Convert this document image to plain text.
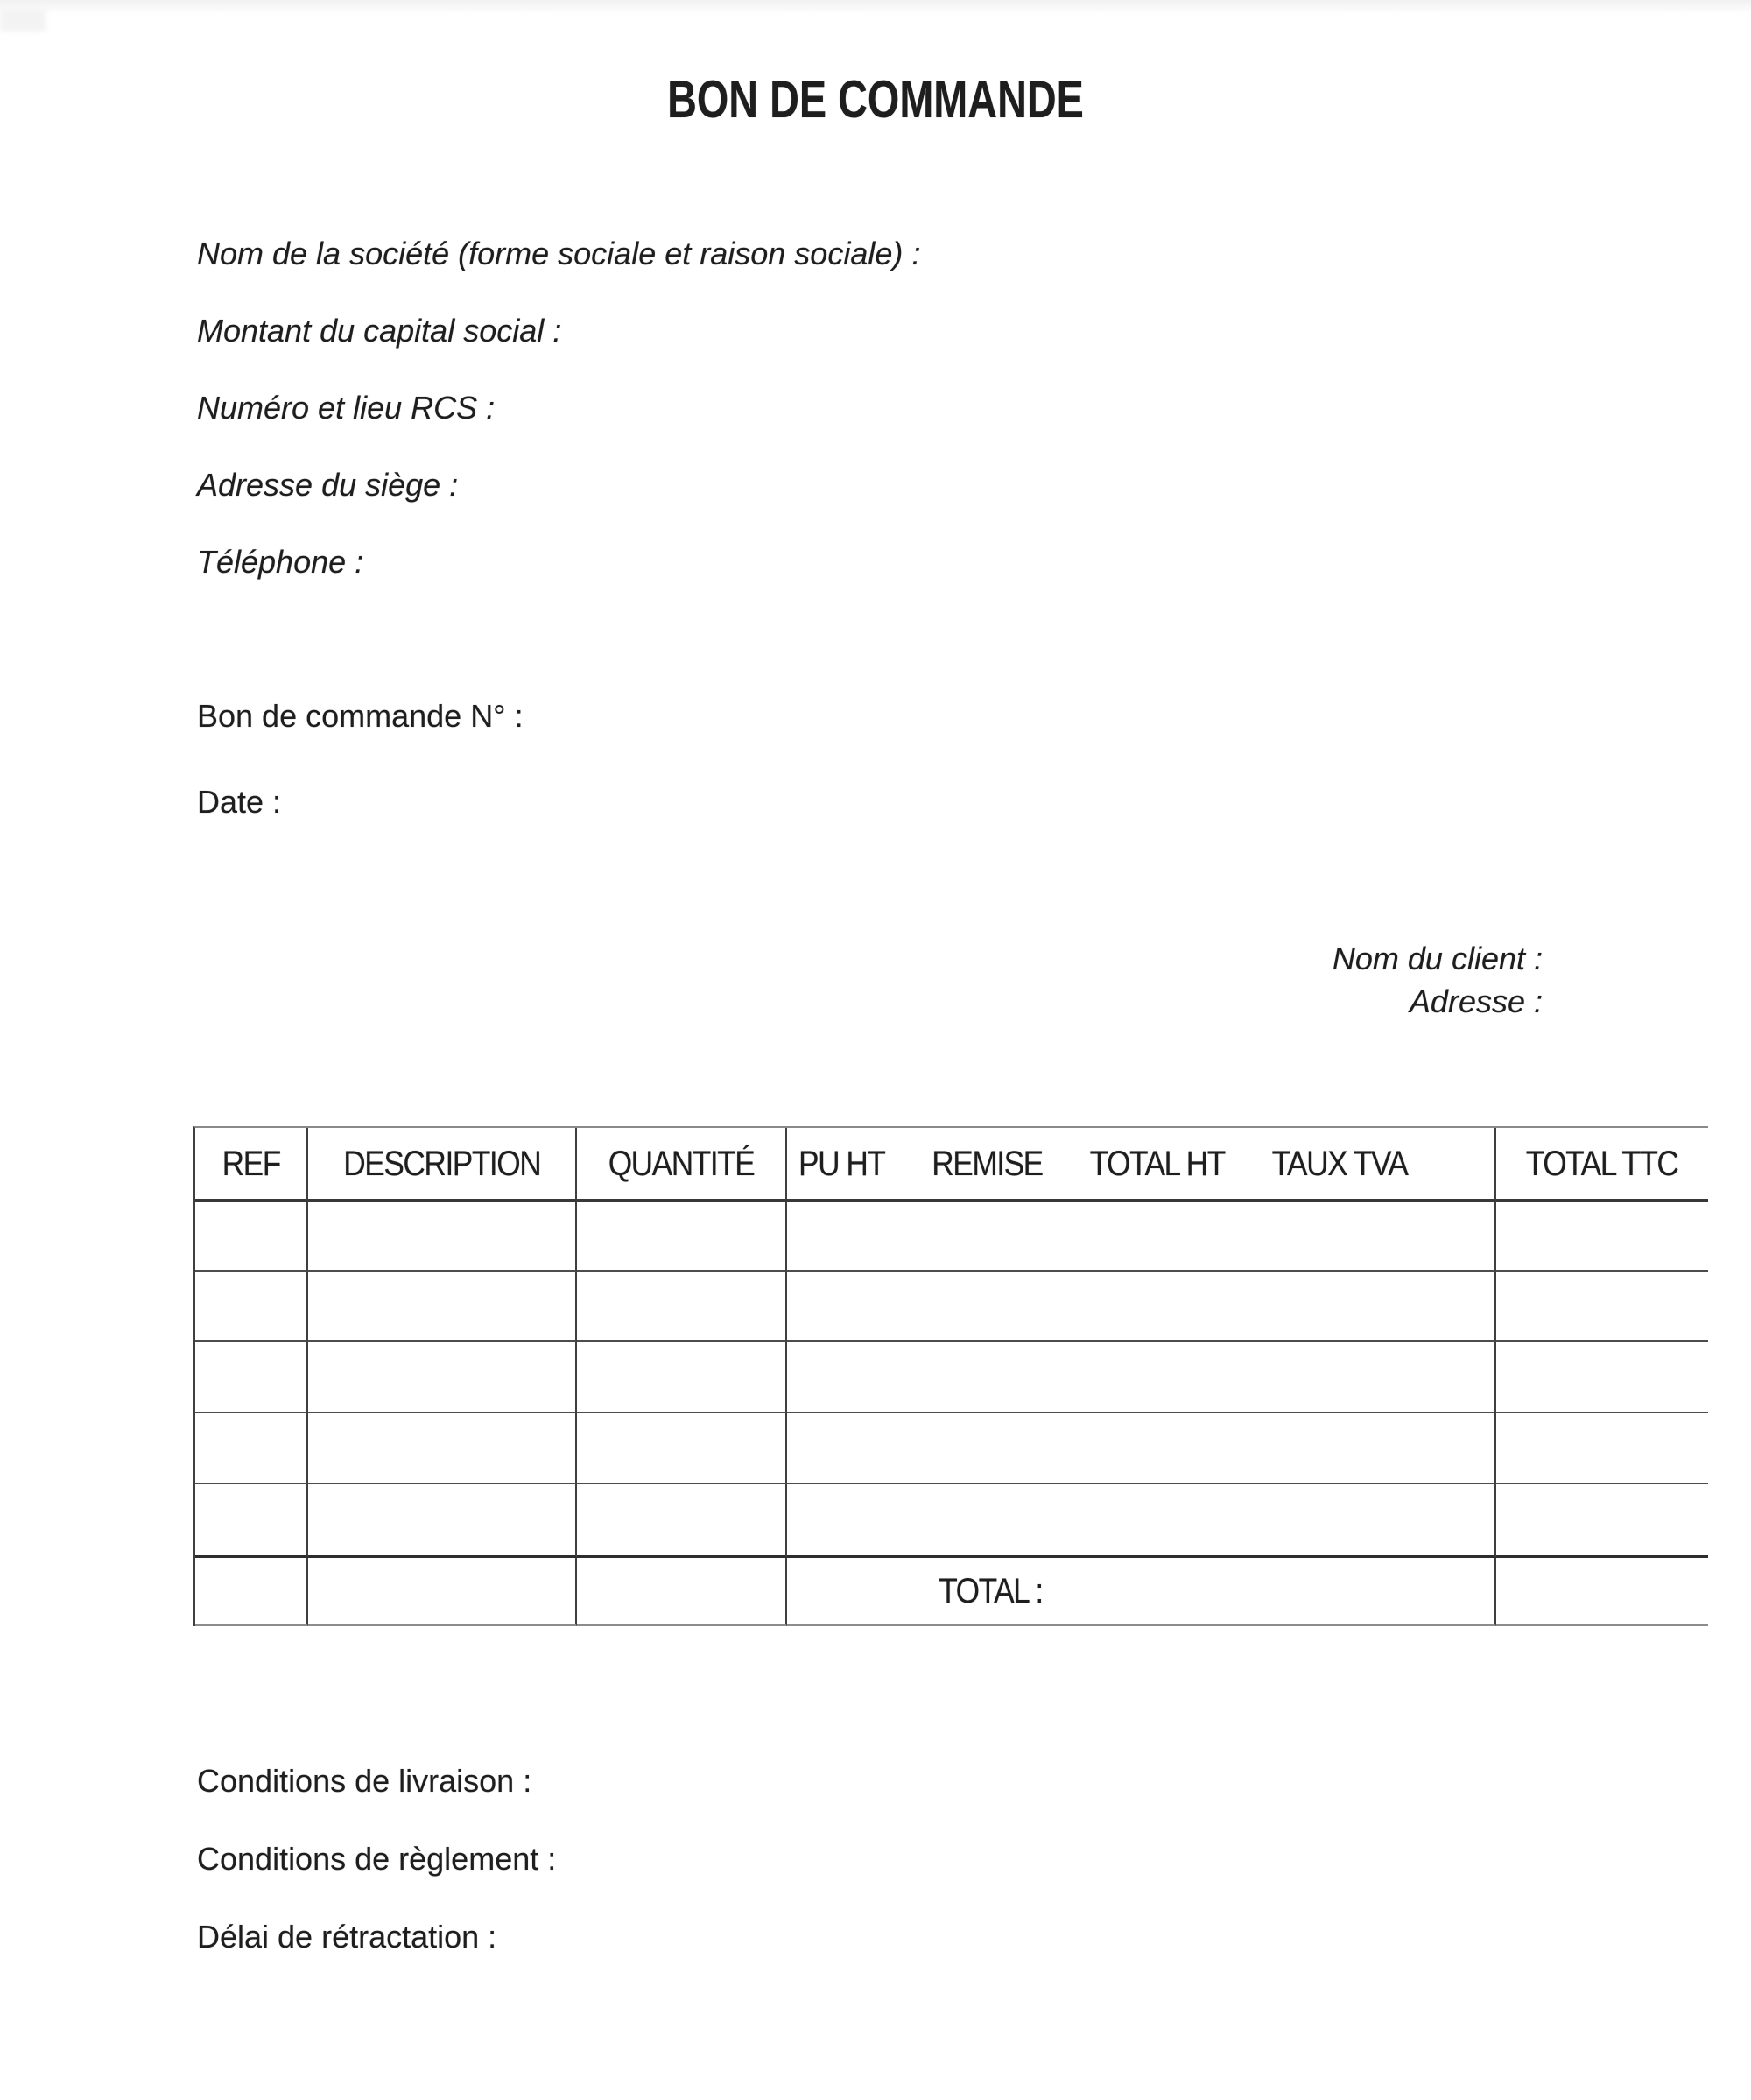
BON DE COMMANDE

Nom de la société (forme sociale et raison sociale) :

Montant du capital social :

Numéro et lieu RCS :

Adresse du siège :

Téléphone :

Bon de commande N° :

Date :

Nom du client :

Adresse :

REF DESCRIPTION QUANTITÉ PU HT REMISE TOTAL HT TAUX TVA	TOTAL TTC
TOTAL :

Conditions de livraison :

Conditions de règlement :

Délai de rétractation :
